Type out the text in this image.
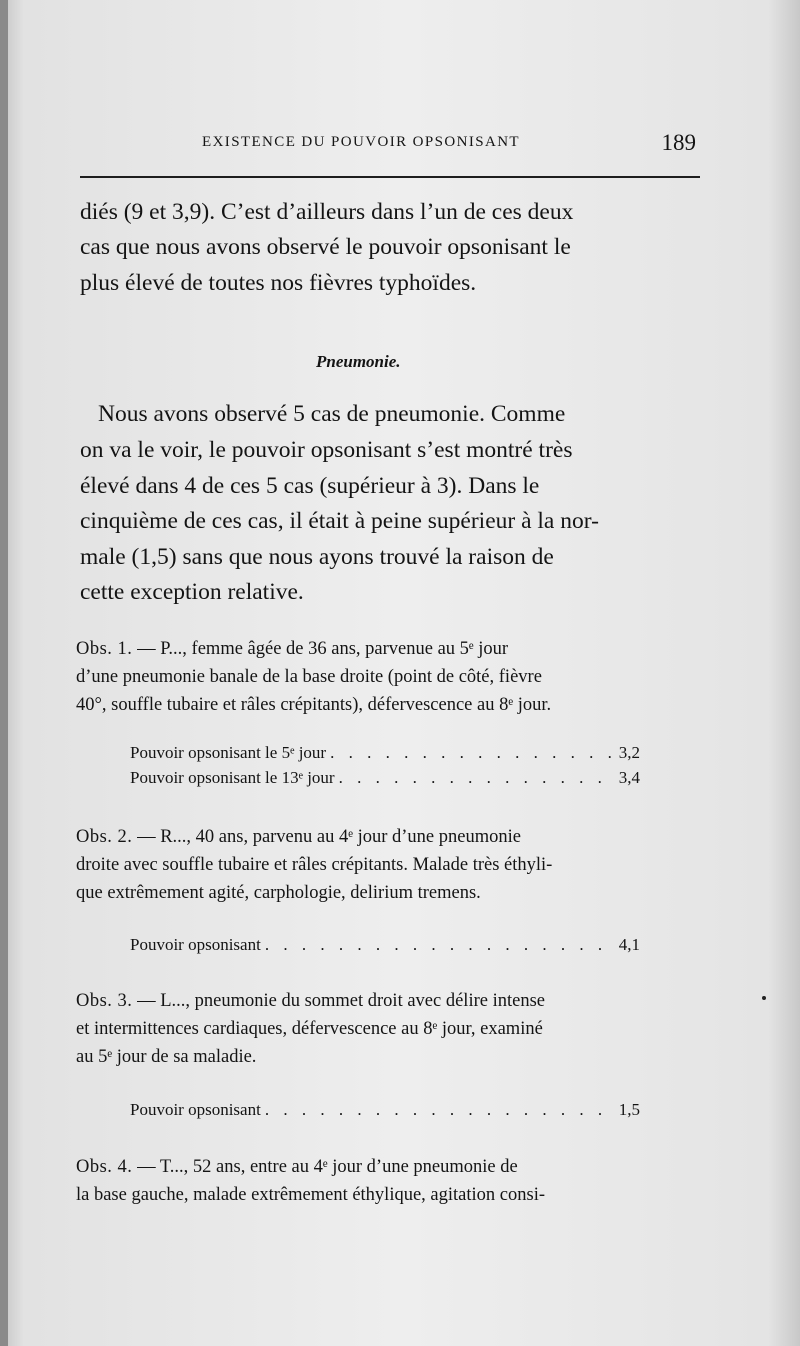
EXISTENCE DU POUVOIR OPSONISANT	189

diés (9 et 3,9). C’est d’ailleurs dans l’un de ces deux

cas que nous avons observé le pouvoir opsonisant le

plus élevé de toutes nos fièvres typhoïdes.

Pneumonie.

Nous avons observé 5 cas de pneumonie. Comme

on va le voir, le pouvoir opsonisant s’est montré très

élevé dans 4 de ces 5 cas (supérieur à 3). Dans le

cinquième de ces cas, il était à peine supérieur à la nor-

male (1,5) sans que nous ayons trouvé la raison de

cette exception relative.

Obs. 1. — P..., femme âgée de 36 ans, parvenue au 5ᵉ jour

d’une pneumonie banale de la base droite (point de côté, fièvre

40°, souffle tubaire et râles crépitants), défervescence au 8ᵉ jour.

Pouvoir opsonisant le 5ᵉ jour . . .	3,2
Pouvoir opsonisant le 13ᵉ jour . . .	3,4

Obs. 2. — R..., 40 ans, parvenu au 4ᵉ jour d’une pneumonie

droite avec souffle tubaire et râles crépitants. Malade très éthyli-

que extrêmement agité, carphologie, delirium tremens.

Pouvoir opsonisant . . .	4,1

Obs. 3. — L..., pneumonie du sommet droit avec délire intense

et intermittences cardiaques, défervescence au 8ᵉ jour, examiné

au 5ᵉ jour de sa maladie.

Pouvoir opsonisant . . .	1,5

Obs. 4. — T..., 52 ans, entre au 4ᵉ jour d’une pneumonie de

la base gauche, malade extrêmement éthylique, agitation consi-
